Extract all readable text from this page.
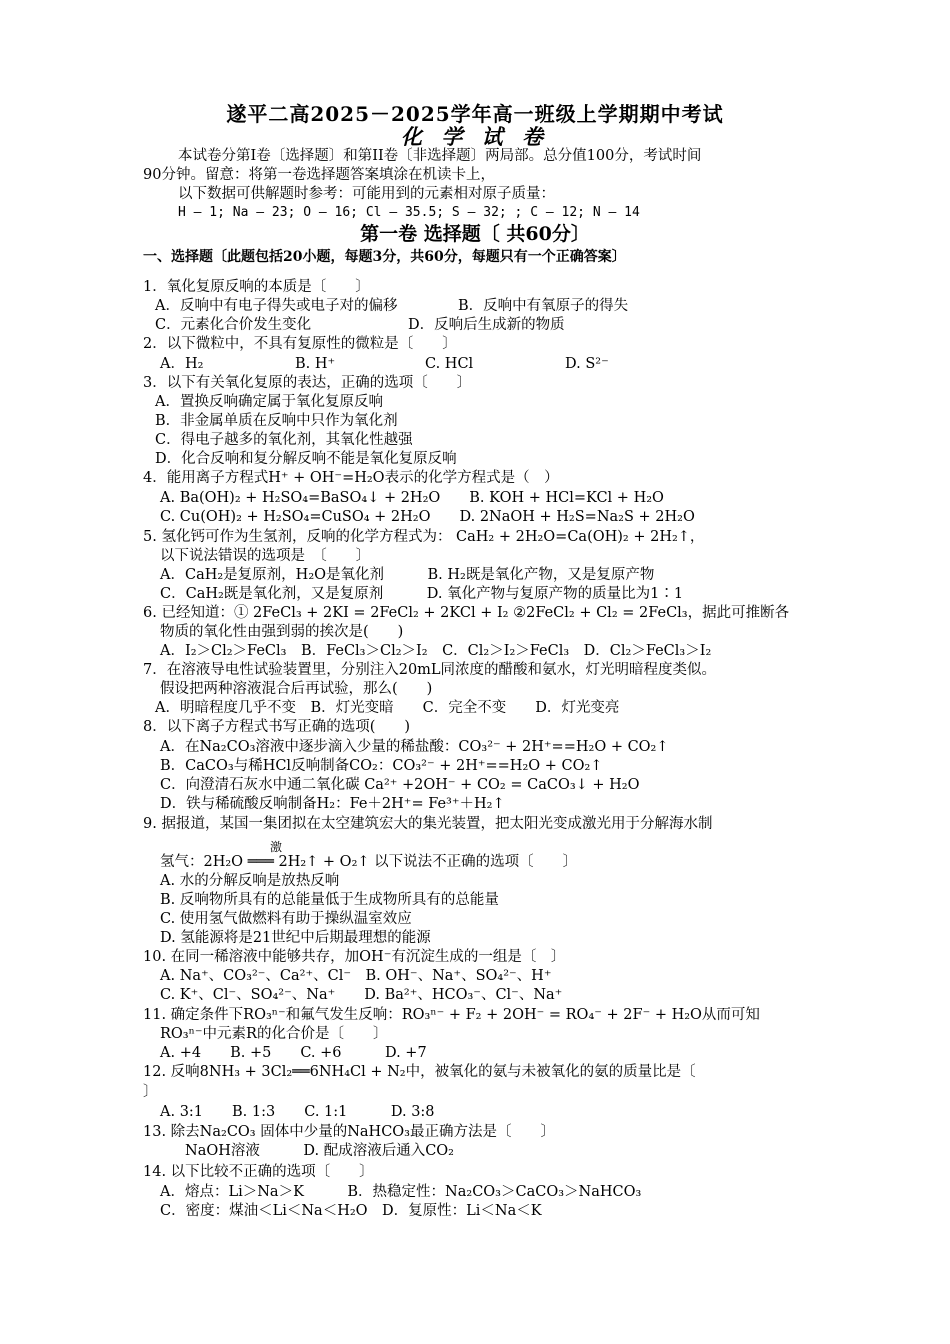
遂平二高2025－2025学年高一班级上学期期中考试
化 学 试 卷
本试卷分第Ⅰ卷〔选择题〕和第II卷〔非选择题〕两局部。总分值100分，考试时间
90分钟。留意：将第一卷选择题答案填涂在机读卡上，
以下数据可供解题时参考：可能用到的元素相对原子质量：
H — 1; Na — 23; O — 16; Cl — 35.5; S — 32; ; C — 12; N — 14
第一卷 选择题〔 共60分〕
一、选择题〔此题包括20小题，每题3分，共60分，每题只有一个正确答案〕
1．氧化复原反响的本质是〔　　〕
A．反响中有电子得失或电子对的偏移	B．反响中有氧原子的得失
C．元素化合价发生变化	D．反响后生成新的物质
2．以下微粒中，不具有复原性的微粒是〔　　〕
A．H₂	B. H⁺	C. HCl	D. S²⁻
3．以下有关氧化复原的表达，正确的选项〔　　〕
A．置换反响确定属于氧化复原反响
B．非金属单质在反响中只作为氧化剂
C．得电子越多的氧化剂，其氧化性越强
D．化合反响和复分解反响不能是氧化复原反响
4．能用离子方程式H⁺ + OH⁻=H₂O表示的化学方程式是（　）
A. Ba(OH)₂ + H₂SO₄=BaSO₄↓ + 2H₂O　　B. KOH + HCl=KCl + H₂O
C. Cu(OH)₂ + H₂SO₄=CuSO₄ + 2H₂O　　D. 2NaOH + H₂S=Na₂S + 2H₂O
5. 氢化钙可作为生氢剂，反响的化学方程式为： CaH₂ + 2H₂O=Ca(OH)₂ + 2H₂↑，
以下说法错误的选项是　〔　　〕
A．CaH₂是复原剂，H₂O是氧化剂　　　B. H₂既是氧化产物，又是复原产物
C．CaH₂既是氧化剂，又是复原剂　　　D. 氧化产物与复原产物的质量比为1∶1
6. 已经知道：① 2FeCl₃ + 2KI = 2FeCl₂ + 2KCl + I₂ ②2FeCl₂ + Cl₂ = 2FeCl₃，据此可推断各
物质的氧化性由强到弱的挨次是(　　)
A．I₂＞Cl₂＞FeCl₃　B．FeCl₃＞Cl₂＞I₂　C．Cl₂＞I₂＞FeCl₃　D．Cl₂＞FeCl₃＞I₂
7．在溶液导电性试验装置里，分别注入20mL同浓度的醋酸和氨水，灯光明暗程度类似。
假设把两种溶液混合后再试验，那么(　　)
A．明暗程度几乎不变　B．灯光变暗　　C．完全不变　　D．灯光变亮
8．以下离子方程式书写正确的选项(　　)
A．在Na₂CO₃溶液中逐步滴入少量的稀盐酸：CO₃²⁻ + 2H⁺==H₂O + CO₂↑
B．CaCO₃与稀HCl反响制备CO₂：CO₃²⁻ + 2H⁺==H₂O + CO₂↑
C．向澄清石灰水中通二氧化碳 Ca²⁺ +2OH⁻ + CO₂ = CaCO₃↓ + H₂O
D．铁与稀硫酸反响制备H₂：Fe＋2H⁺= Fe³⁺＋H₂↑
9. 据报道，某国一集团拟在太空建筑宏大的集光装置，把太阳光变成激光用于分解海水制
激
氢气：2H₂O ═══ 2H₂↑ + O₂↑ 以下说法不正确的选项〔　　〕
A. 水的分解反响是放热反响
B. 反响物所具有的总能量低于生成物所具有的总能量
C. 使用氢气做燃料有助于操纵温室效应
D. 氢能源将是21世纪中后期最理想的能源
10. 在同一稀溶液中能够共存，加OH⁻有沉淀生成的一组是〔　〕
A. Na⁺、CO₃²⁻、Ca²⁺、Cl⁻　B. OH⁻、Na⁺、SO₄²⁻、H⁺
C. K⁺、Cl⁻、SO₄²⁻、Na⁺　　D. Ba²⁺、HCO₃⁻、Cl⁻、Na⁺
11. 确定条件下RO₃ⁿ⁻和氟气发生反响：RO₃ⁿ⁻ + F₂ + 2OH⁻ = RO₄⁻ + 2F⁻ + H₂O从而可知
RO₃ⁿ⁻中元素R的化合价是〔　　〕
A. +4　　B. +5　　C. +6　　　D. +7
12. 反响8NH₃ + 3Cl₂══6NH₄Cl + N₂中，被氧化的氨与未被氧化的氨的质量比是〔
〕
A. 3:1　　B. 1:3　　C. 1:1　　　D. 3:8
13. 除去Na₂CO₃ 固体中少量的NaHCO₃最正确方法是〔　　〕
NaOH溶液　　　D. 配成溶液后通入CO₂
14. 以下比较不正确的选项〔　　〕
A．熔点：Li＞Na＞K　　　B．热稳定性：Na₂CO₃＞CaCO₃＞NaHCO₃
C．密度：煤油＜Li＜Na＜H₂O　D．复原性：Li＜Na＜K
